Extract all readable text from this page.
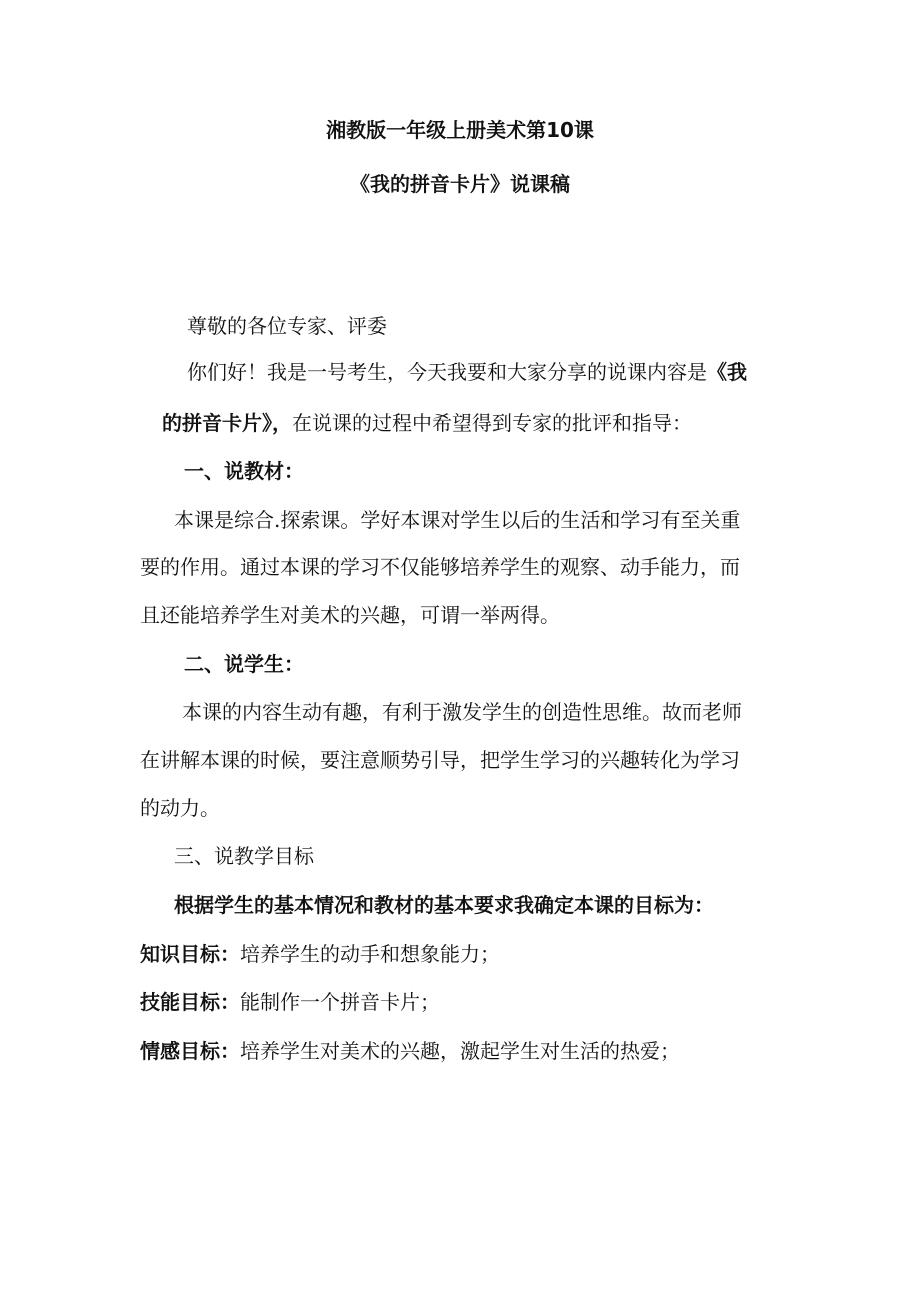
湘教版一年级上册美术第10课
《我的拼音卡片》说课稿
尊敬的各位专家、评委
你们好！我是一号考生，今天我要和大家分享的说课内容是《我
的拼音卡片》，在说课的过程中希望得到专家的批评和指导：
一、说教材：
本课是综合.探索课。学好本课对学生以后的生活和学习有至关重
要的作用。通过本课的学习不仅能够培养学生的观察、动手能力，而
且还能培养学生对美术的兴趣，可谓一举两得。
二、说学生：
本课的内容生动有趣，有利于激发学生的创造性思维。故而老师
在讲解本课的时候，要注意顺势引导，把学生学习的兴趣转化为学习
的动力。
三、说教学目标
根据学生的基本情况和教材的基本要求我确定本课的目标为：
知识目标：培养学生的动手和想象能力；
技能目标：能制作一个拼音卡片；
情感目标：培养学生对美术的兴趣，激起学生对生活的热爱；
